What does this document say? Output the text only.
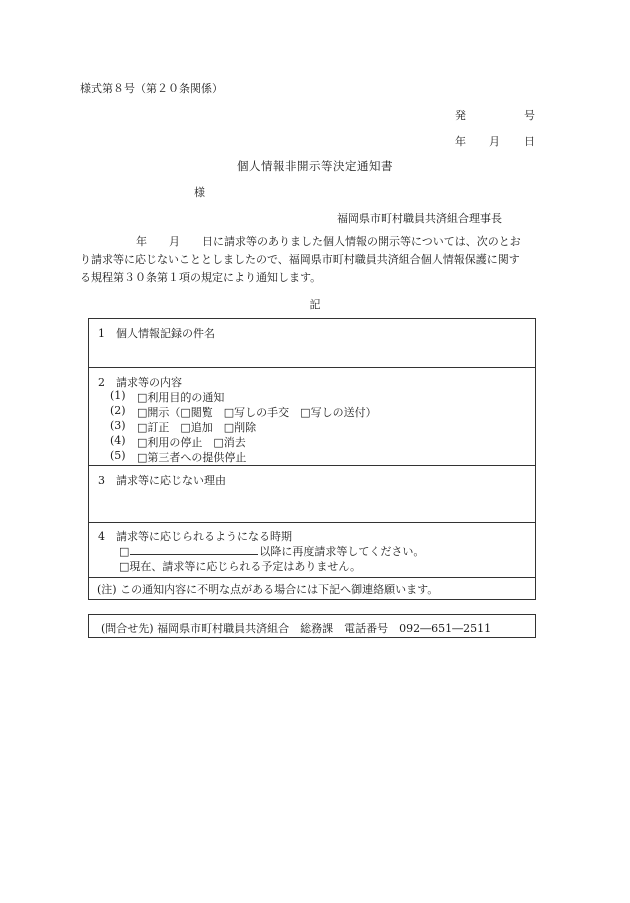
様式第８号（第２０条関係）
発	号
年 月 日
個人情報非開示等決定通知書
様
福岡県市町村職員共済組合理事長

年　　月　　日に請求等のありました個人情報の開示等については、次のとお

り請求等に応じないこととしましたので、福岡県市町村職員共済組合個人情報保護に関す

る規程第３０条第１項の規定により通知します。

記
1　個人情報記録の件名
2　請求等の内容
(1) □利用目的の通知
(2) □開示（□閲覧　□写しの手交　□写しの送付）
(3) □訂正　□追加　□削除
(4) □利用の停止　□消去
(5) □第三者への提供停止
3　請求等に応じない理由
4　請求等に応じられるようになる時期
□	以降に再度請求等してください。
□現在、請求等に応じられる予定はありません。
(注) この通知内容に不明な点がある場合には下記へ御連絡願います。
(問合せ先) 福岡県市町村職員共済組合　総務課　電話番号　092―651―2511
